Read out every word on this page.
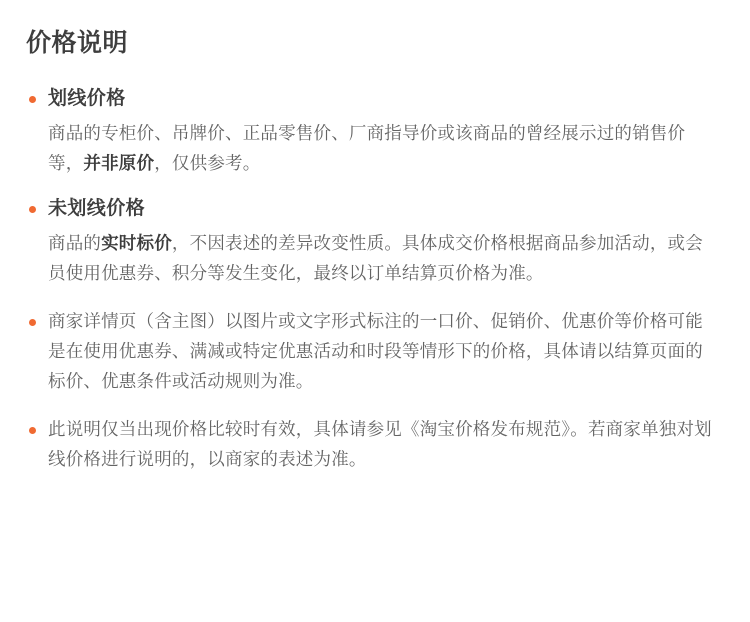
价格说明
划线价格

商品的专柜价、吊牌价、正品零售价、厂商指导价或该商品的曾经展示过的销售价等，并非原价，仅供参考。

未划线价格

商品的实时标价，不因表述的差异改变性质。具体成交价格根据商品参加活动，或会员使用优惠券、积分等发生变化，最终以订单结算页价格为准。

商家详情页（含主图）以图片或文字形式标注的一口价、促销价、优惠价等价格可能是在使用优惠券、满减或特定优惠活动和时段等情形下的价格，具体请以结算页面的标价、优惠条件或活动规则为准。

此说明仅当出现价格比较时有效，具体请参见《淘宝价格发布规范》。若商家单独对划线价格进行说明的，以商家的表述为准。
